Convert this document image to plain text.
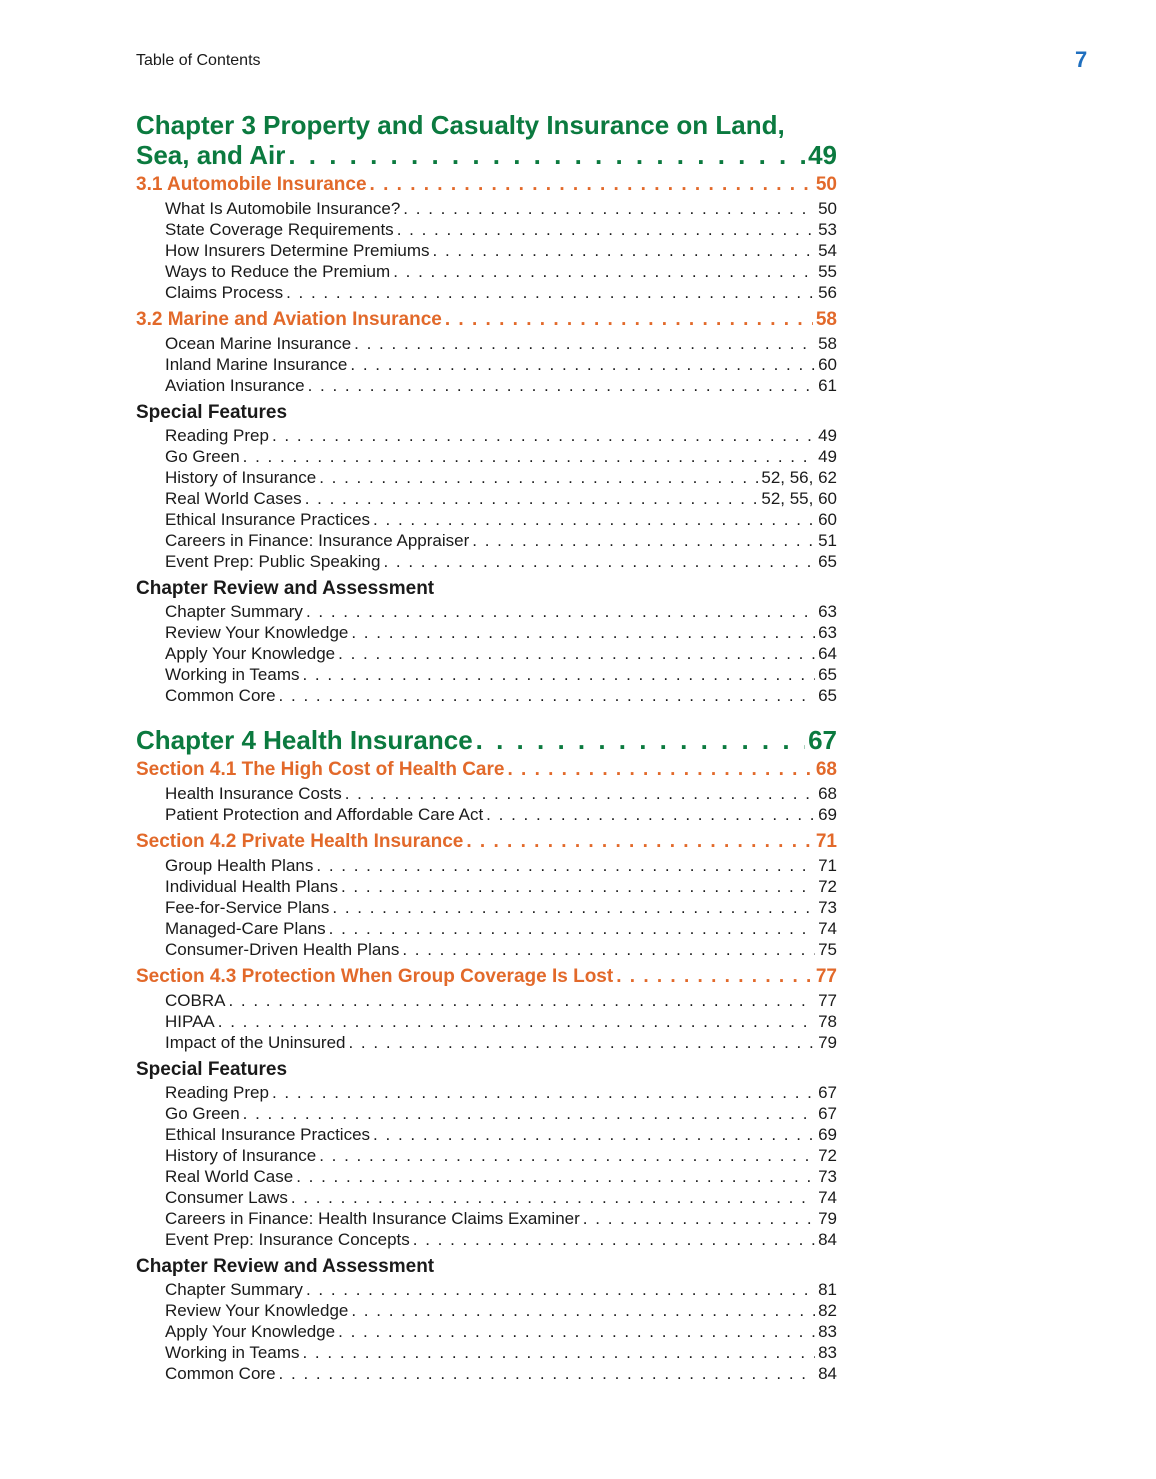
Table of Contents	7
Chapter 3 Property and Casualty Insurance on Land,
Sea, and Air . . .	49
3.1 Automobile Insurance . . .	50
What Is Automobile Insurance? . . .	50
State Coverage Requirements . . .	53
How Insurers Determine Premiums . . .	54
Ways to Reduce the Premium . . .	55
Claims Process . . .	56
3.2 Marine and Aviation Insurance . . .	58
Ocean Marine Insurance . . .	58
Inland Marine Insurance . . .	60
Aviation Insurance . . .	61
Special Features
Reading Prep . . .	49
Go Green . . .	49
History of Insurance . . .	52, 56, 62
Real World Cases . . .	52, 55, 60
Ethical Insurance Practices . . .	60
Careers in Finance: Insurance Appraiser . . .	51
Event Prep: Public Speaking . . .	65
Chapter Review and Assessment
Chapter Summary . . .	63
Review Your Knowledge . . .	63
Apply Your Knowledge . . .	64
Working in Teams . . .	65
Common Core . . .	65
Chapter 4 Health Insurance . . .	67
Section 4.1 The High Cost of Health Care . . .	68
Health Insurance Costs . . .	68
Patient Protection and Affordable Care Act . . .	69
Section 4.2 Private Health Insurance . . .	71
Group Health Plans . . .	71
Individual Health Plans . . .	72
Fee-for-Service Plans . . .	73
Managed-Care Plans . . .	74
Consumer-Driven Health Plans . . .	75
Section 4.3 Protection When Group Coverage Is Lost . . .	77
COBRA . . .	77
HIPAA . . .	78
Impact of the Uninsured . . .	79
Special Features
Reading Prep . . .	67
Go Green . . .	67
Ethical Insurance Practices . . .	69
History of Insurance . . .	72
Real World Case . . .	73
Consumer Laws . . .	74
Careers in Finance: Health Insurance Claims Examiner . . .	79
Event Prep: Insurance Concepts . . .	84
Chapter Review and Assessment
Chapter Summary . . .	81
Review Your Knowledge . . .	82
Apply Your Knowledge . . .	83
Working in Teams . . .	83
Common Core . . .	84
